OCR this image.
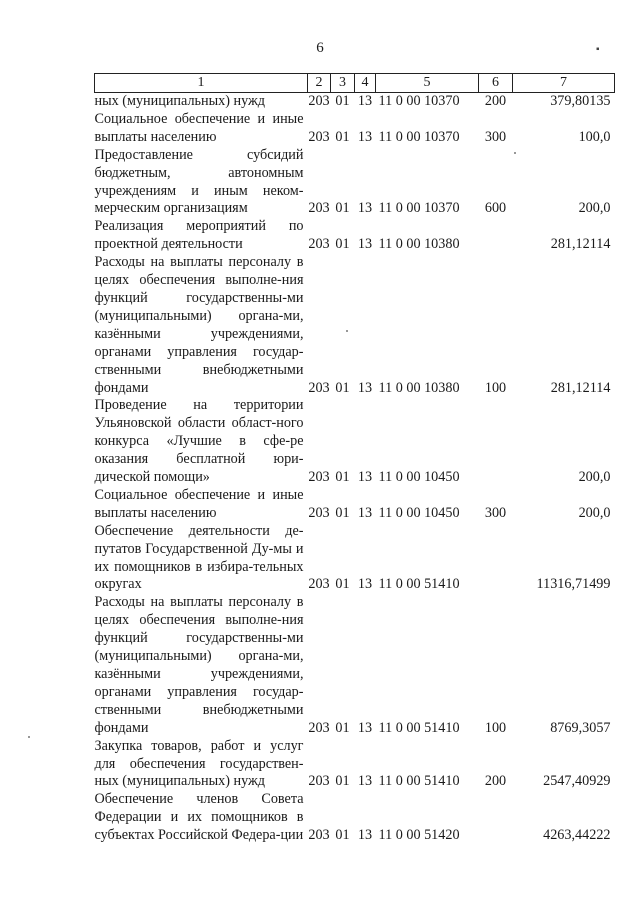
6	▪
1	2	3	4	5	6	7
ных (муниципальных) нужд	203	01	13	11 0 00 10370	200	379,80135
Социальное обеспечение и иные выплаты населению	203	01	13	11 0 00 10370	300	100,0
Предоставление субсидий бюджетным, автономным учреждениям и иным неком-мерческим организациям	203	01	13	11 0 00 10370	600	200,0
Реализация мероприятий по проектной деятельности	203	01	13	11 0 00 10380		281,12114
Расходы на выплаты персоналу в целях обеспечения выполне-ния функций государственны-ми (муниципальными) органа-ми, казёнными учреждениями, органами управления государ-ственными внебюджетными фондами	203	01	13	11 0 00 10380	100	281,12114
Проведение на территории Ульяновской области област-ного конкурса «Лучшие в сфе-ре оказания бесплатной юри-дической помощи»	203	01	13	11 0 00 10450		200,0
Социальное обеспечение и иные выплаты населению	203	01	13	11 0 00 10450	300	200,0
Обеспечение деятельности де-путатов Государственной Ду-мы и их помощников в избира-тельных округах	203	01	13	11 0 00 51410		11316,71499
Расходы на выплаты персоналу в целях обеспечения выполне-ния функций государственны-ми (муниципальными) органа-ми, казёнными учреждениями, органами управления государ-ственными внебюджетными фондами	203	01	13	11 0 00 51410	100	8769,3057
Закупка товаров, работ и услуг для обеспечения государствен-ных (муниципальных) нужд	203	01	13	11 0 00 51410	200	2547,40929
Обеспечение членов Совета Федерации и их помощников в субъектах Российской Федера-ции	203	01	13	11 0 00 51420		4263,44222
